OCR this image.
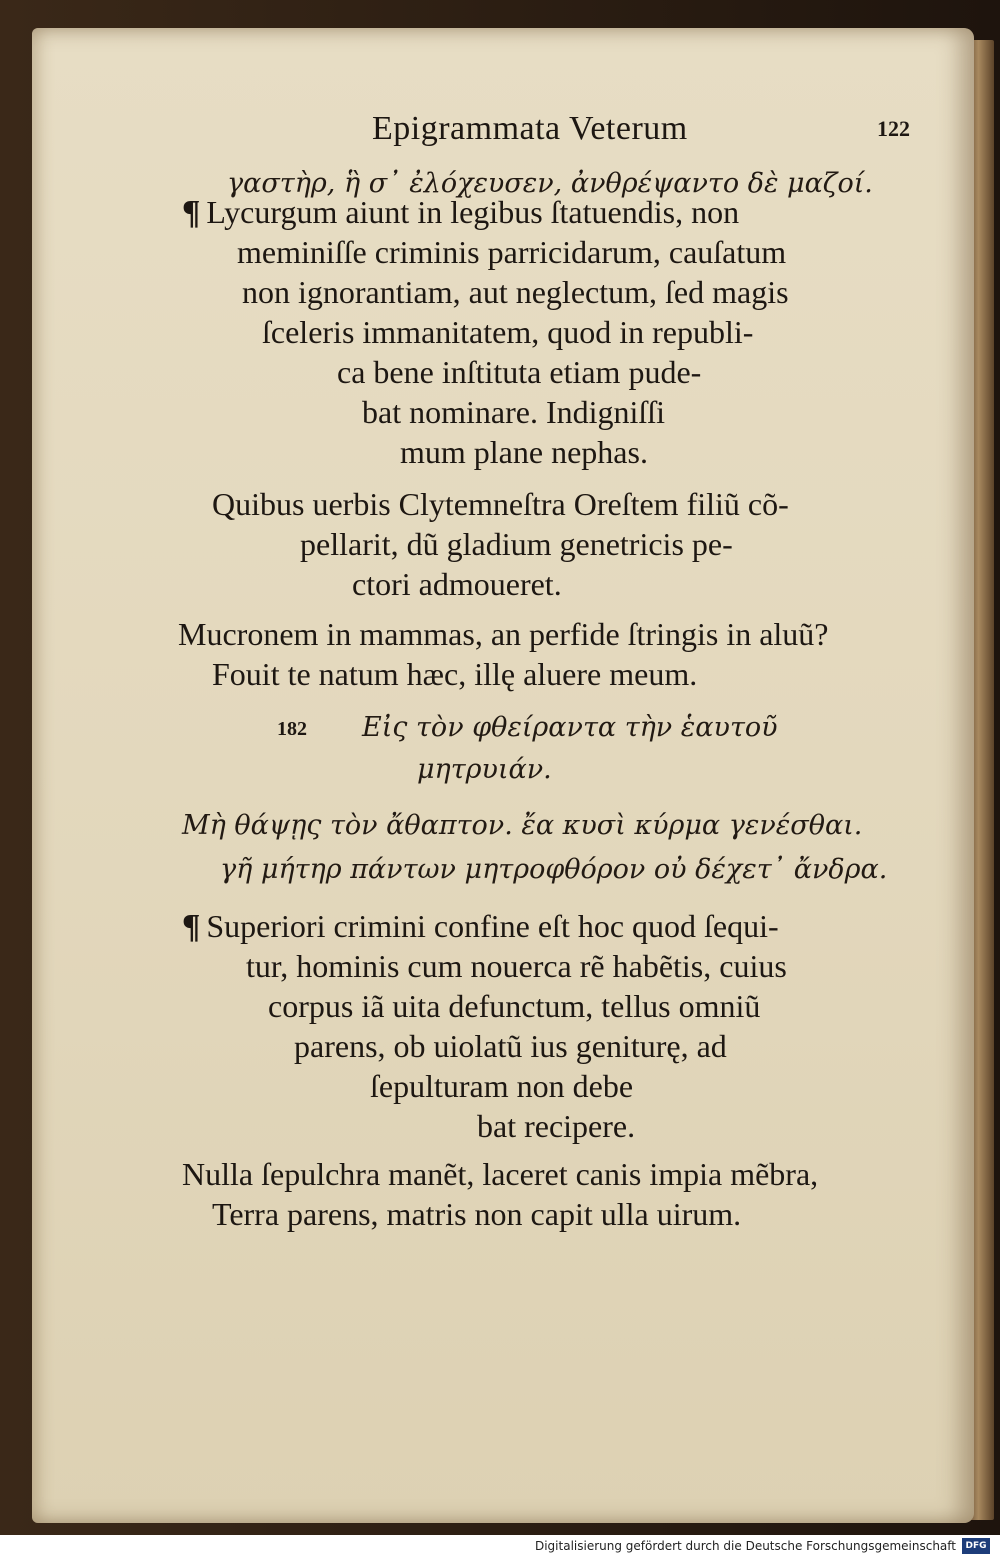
Epigrammata Veterum	122
γαστὴρ, ἣ σ᾽ ἐλόχευσεν, ἀνθρέψαντο δὲ μαζοί.
¶ Lycurgum aiunt in legibus ſtatuendis, non
meminiſſe criminis parricidarum, cauſatum
non ignorantiam, aut neglectum, ſed magis
ſceleris immanitatem, quod in republi-
ca bene inſtituta etiam pude-
bat nominare. Indigniſſi
mum plane nephas.
Quibus uerbis Clytemneſtra Oreſtem filiũ cõ-
pellarit, dũ gladium genetricis pe-
ctori admoueret.
Mucronem in mammas, an perfide ſtringis in aluũ?
Fouit te natum hæc, illę aluere meum.
182 Εἰς τὸν φθείραντα τὴν ἑαυτοῦ
μητρυιάν.
Μὴ θάψῃς τὸν ἄθαπτον. ἔα κυσὶ κύρμα γενέσθαι.
γῆ μήτηρ πάντων μητροφθόρον οὐ δέχετ᾽ ἄνδρα.
¶ Superiori crimini confine eſt hoc quod ſequi-
tur, hominis cum nouerca rẽ habẽtis, cuius
corpus iã uita defunctum, tellus omniũ
parens, ob uiolatũ ius geniturę, ad
ſepulturam non debe
bat recipere.
Nulla ſepulchra manẽt, laceret canis impia mẽbra,
Terra parens, matris non capit ulla uirum.
Digitalisierung gefördert durch die Deutsche Forschungsgemeinschaft	DFG
